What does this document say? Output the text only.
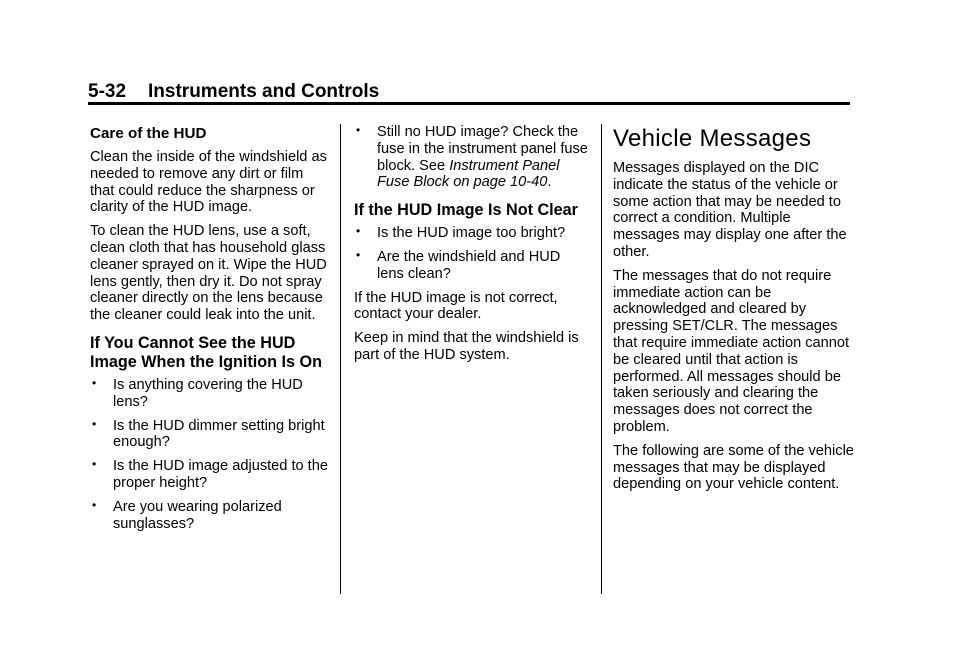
5-32 Instruments and Controls
Care of the HUD

Clean the inside of the windshield as needed to remove any dirt or film that could reduce the sharpness or clarity of the HUD image.

To clean the HUD lens, use a soft, clean cloth that has household glass cleaner sprayed on it. Wipe the HUD lens gently, then dry it. Do not spray cleaner directly on the lens because the cleaner could leak into the unit.

If You Cannot See the HUD Image When the Ignition Is On
• Is anything covering the HUD lens?
• Is the HUD dimmer setting bright enough?
• Is the HUD image adjusted to the proper height?
• Are you wearing polarized sunglasses?
• Still no HUD image? Check the fuse in the instrument panel fuse block. See Instrument Panel Fuse Block on page 10-40.
If the HUD Image Is Not Clear
• Is the HUD image too bright?
• Are the windshield and HUD lens clean?

If the HUD image is not correct, contact your dealer.

Keep in mind that the windshield is part of the HUD system.

Vehicle Messages

Messages displayed on the DIC indicate the status of the vehicle or some action that may be needed to correct a condition. Multiple messages may display one after the other.

The messages that do not require immediate action can be acknowledged and cleared by pressing SET/CLR. The messages that require immediate action cannot be cleared until that action is performed. All messages should be taken seriously and clearing the messages does not correct the problem.

The following are some of the vehicle messages that may be displayed depending on your vehicle content.
